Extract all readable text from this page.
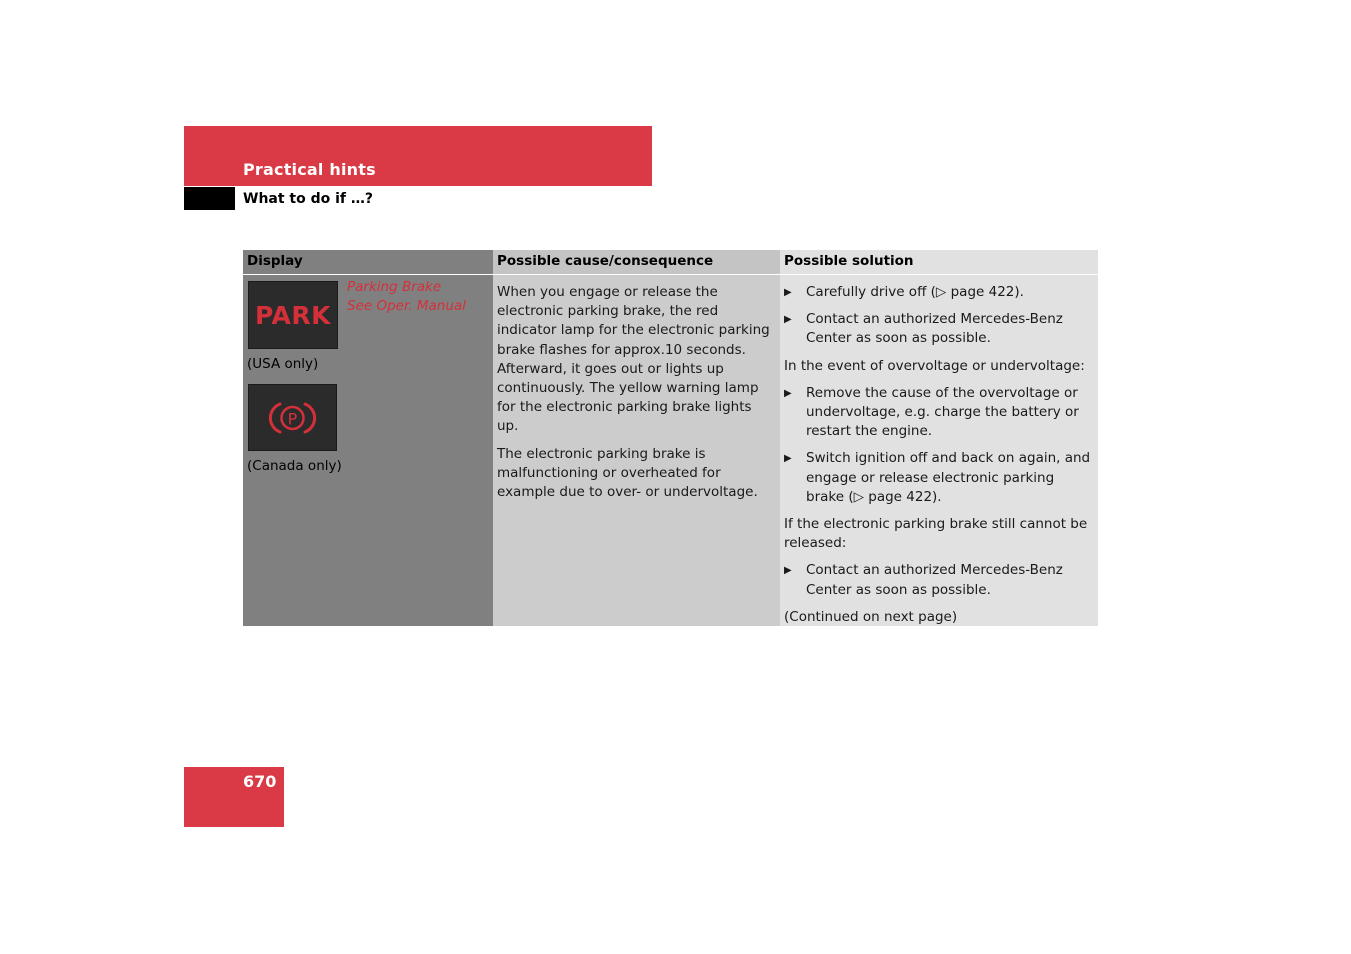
Practical hints
What to do if …?
Display	Possible cause/consequence

When you engage or release the electronic parking brake, the red indicator lamp for the electronic parking brake flashes for approx.10 seconds. Afterward, it goes out or lights up continuously. The yellow warning lamp for the electronic parking brake lights up.

The electronic parking brake is malfunctioning or overheated for example due to over- or undervoltage.

Possible solution

▶ Carefully drive off (▷ page 422).

▶ Contact an authorized Mercedes-Benz Center as soon as possible.

In the event of overvoltage or undervoltage:

▶ Remove the cause of the overvoltage or undervoltage, e.g. charge the battery or restart the engine.

▶ Switch ignition off and back on again, and engage or release electronic parking brake (▷ page 422).

If the electronic parking brake still cannot be released:

▶ Contact an authorized Mercedes-Benz Center as soon as possible.

(Continued on next page)

PARK
Parking Brake
See Oper. Manual
(USA only)
P
(Canada only)
670
